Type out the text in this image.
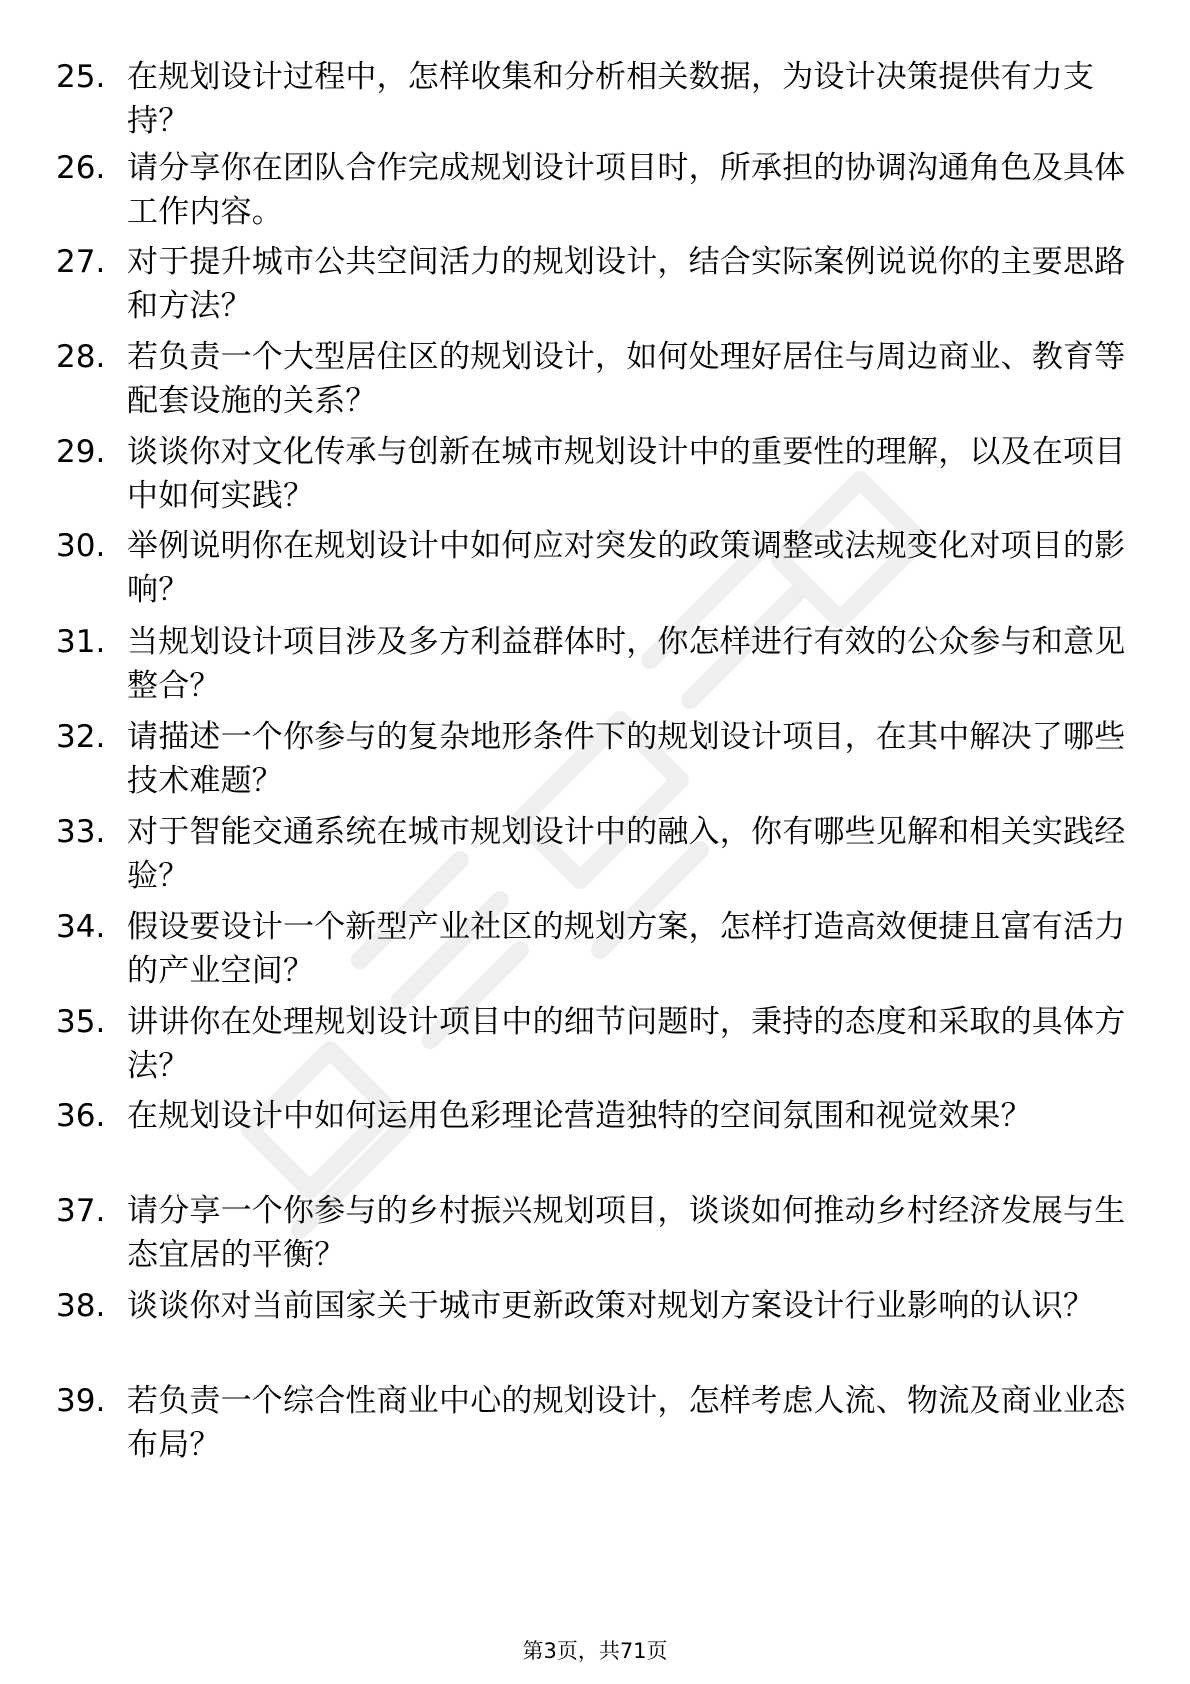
25. 在规划设计过程中，怎样收集和分析相关数据，为设计决策提供有力支持？
26. 请分享你在团队合作完成规划设计项目时，所承担的协调沟通角色及具体工作内容。
27. 对于提升城市公共空间活力的规划设计，结合实际案例说说你的主要思路和方法？
28. 若负责一个大型居住区的规划设计，如何处理好居住与周边商业、教育等配套设施的关系？
29. 谈谈你对文化传承与创新在城市规划设计中的重要性的理解，以及在项目中如何实践？
30. 举例说明你在规划设计中如何应对突发的政策调整或法规变化对项目的影响？
31. 当规划设计项目涉及多方利益群体时，你怎样进行有效的公众参与和意见整合？
32. 请描述一个你参与的复杂地形条件下的规划设计项目，在其中解决了哪些技术难题？
33. 对于智能交通系统在城市规划设计中的融入，你有哪些见解和相关实践经验？
34. 假设要设计一个新型产业社区的规划方案，怎样打造高效便捷且富有活力的产业空间？
35. 讲讲你在处理规划设计项目中的细节问题时，秉持的态度和采取的具体方法？
36. 在规划设计中如何运用色彩理论营造独特的空间氛围和视觉效果？
37. 请分享一个你参与的乡村振兴规划项目，谈谈如何推动乡村经济发展与生态宜居的平衡？
38. 谈谈你对当前国家关于城市更新政策对规划方案设计行业影响的认识？
39. 若负责一个综合性商业中心的规划设计，怎样考虑人流、物流及商业业态布局？
第3页，共71页
